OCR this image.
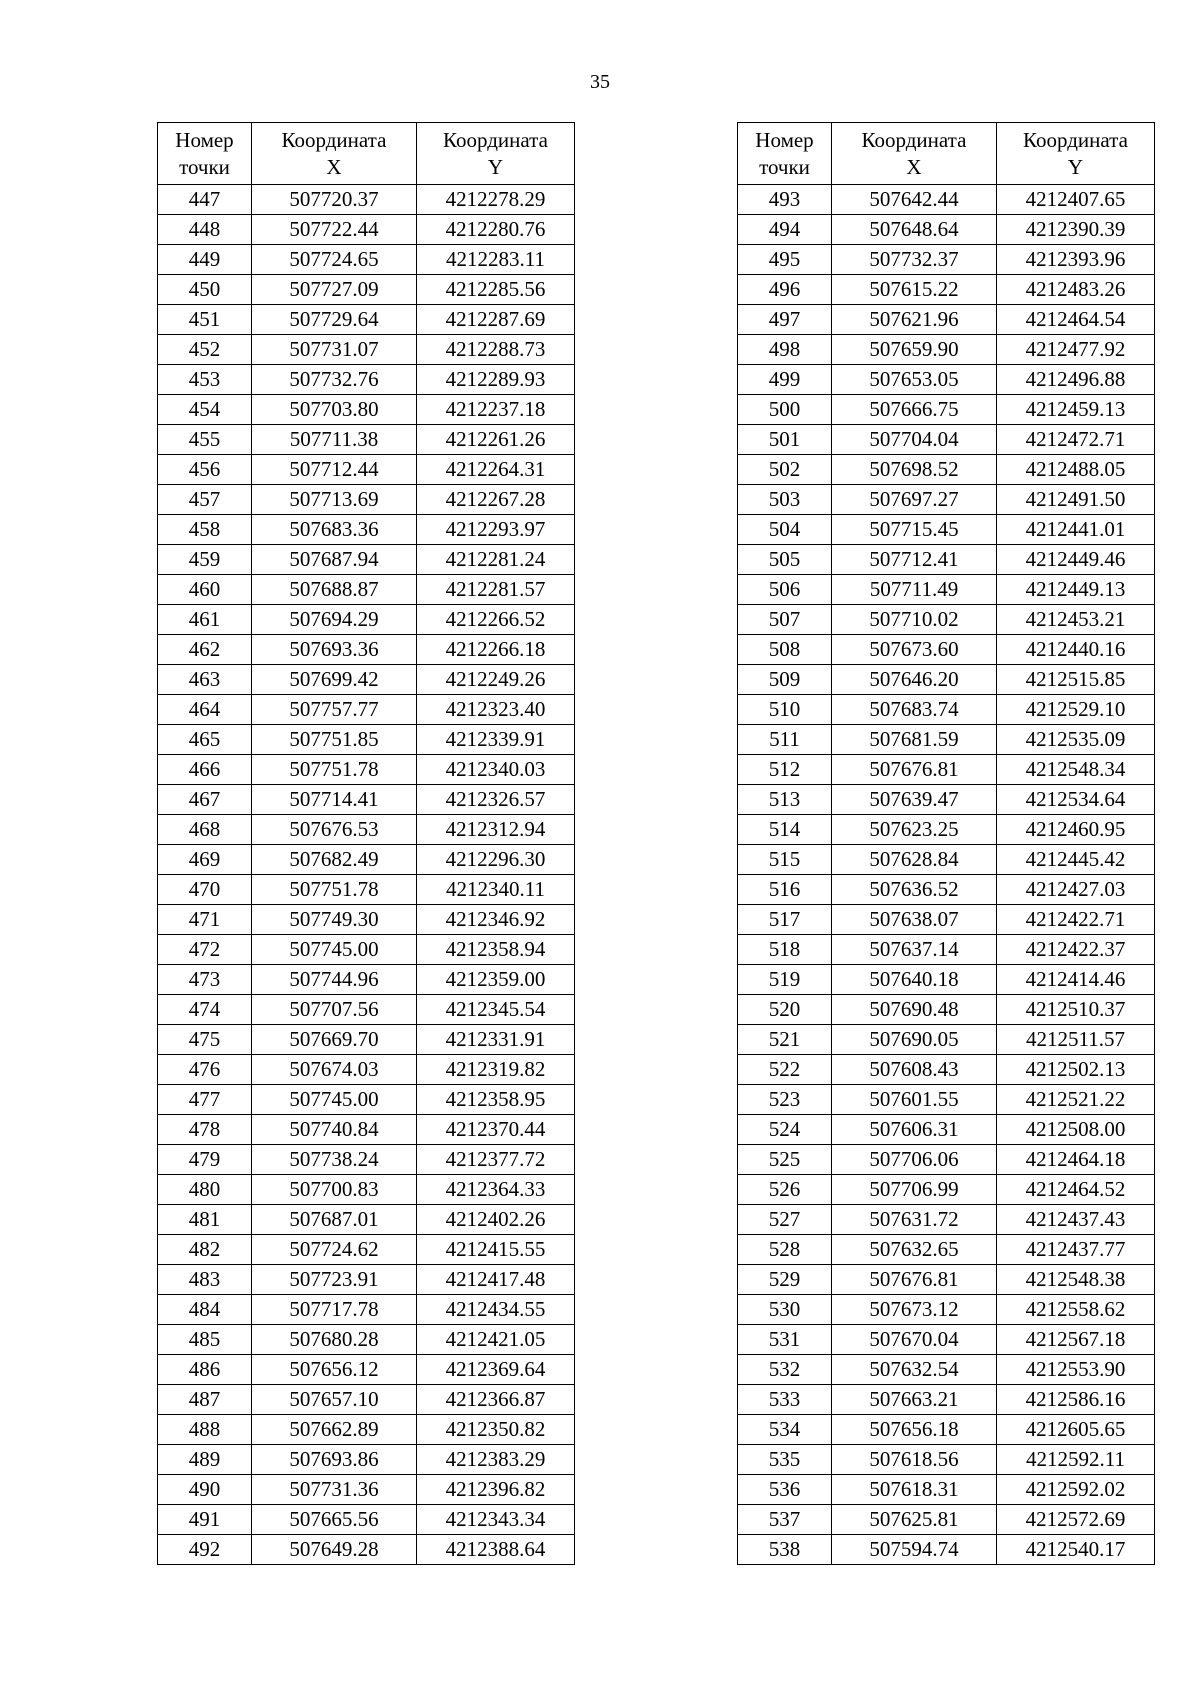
35
Номер
точки	Координата
X	Координата
Y
447	507720.37	4212278.29
448	507722.44	4212280.76
449	507724.65	4212283.11
450	507727.09	4212285.56
451	507729.64	4212287.69
452	507731.07	4212288.73
453	507732.76	4212289.93
454	507703.80	4212237.18
455	507711.38	4212261.26
456	507712.44	4212264.31
457	507713.69	4212267.28
458	507683.36	4212293.97
459	507687.94	4212281.24
460	507688.87	4212281.57
461	507694.29	4212266.52
462	507693.36	4212266.18
463	507699.42	4212249.26
464	507757.77	4212323.40
465	507751.85	4212339.91
466	507751.78	4212340.03
467	507714.41	4212326.57
468	507676.53	4212312.94
469	507682.49	4212296.30
470	507751.78	4212340.11
471	507749.30	4212346.92
472	507745.00	4212358.94
473	507744.96	4212359.00
474	507707.56	4212345.54
475	507669.70	4212331.91
476	507674.03	4212319.82
477	507745.00	4212358.95
478	507740.84	4212370.44
479	507738.24	4212377.72
480	507700.83	4212364.33
481	507687.01	4212402.26
482	507724.62	4212415.55
483	507723.91	4212417.48
484	507717.78	4212434.55
485	507680.28	4212421.05
486	507656.12	4212369.64
487	507657.10	4212366.87
488	507662.89	4212350.82
489	507693.86	4212383.29
490	507731.36	4212396.82
491	507665.56	4212343.34
492	507649.28	4212388.64
Номер
точки	Координата
X	Координата
Y
493	507642.44	4212407.65
494	507648.64	4212390.39
495	507732.37	4212393.96
496	507615.22	4212483.26
497	507621.96	4212464.54
498	507659.90	4212477.92
499	507653.05	4212496.88
500	507666.75	4212459.13
501	507704.04	4212472.71
502	507698.52	4212488.05
503	507697.27	4212491.50
504	507715.45	4212441.01
505	507712.41	4212449.46
506	507711.49	4212449.13
507	507710.02	4212453.21
508	507673.60	4212440.16
509	507646.20	4212515.85
510	507683.74	4212529.10
511	507681.59	4212535.09
512	507676.81	4212548.34
513	507639.47	4212534.64
514	507623.25	4212460.95
515	507628.84	4212445.42
516	507636.52	4212427.03
517	507638.07	4212422.71
518	507637.14	4212422.37
519	507640.18	4212414.46
520	507690.48	4212510.37
521	507690.05	4212511.57
522	507608.43	4212502.13
523	507601.55	4212521.22
524	507606.31	4212508.00
525	507706.06	4212464.18
526	507706.99	4212464.52
527	507631.72	4212437.43
528	507632.65	4212437.77
529	507676.81	4212548.38
530	507673.12	4212558.62
531	507670.04	4212567.18
532	507632.54	4212553.90
533	507663.21	4212586.16
534	507656.18	4212605.65
535	507618.56	4212592.11
536	507618.31	4212592.02
537	507625.81	4212572.69
538	507594.74	4212540.17
